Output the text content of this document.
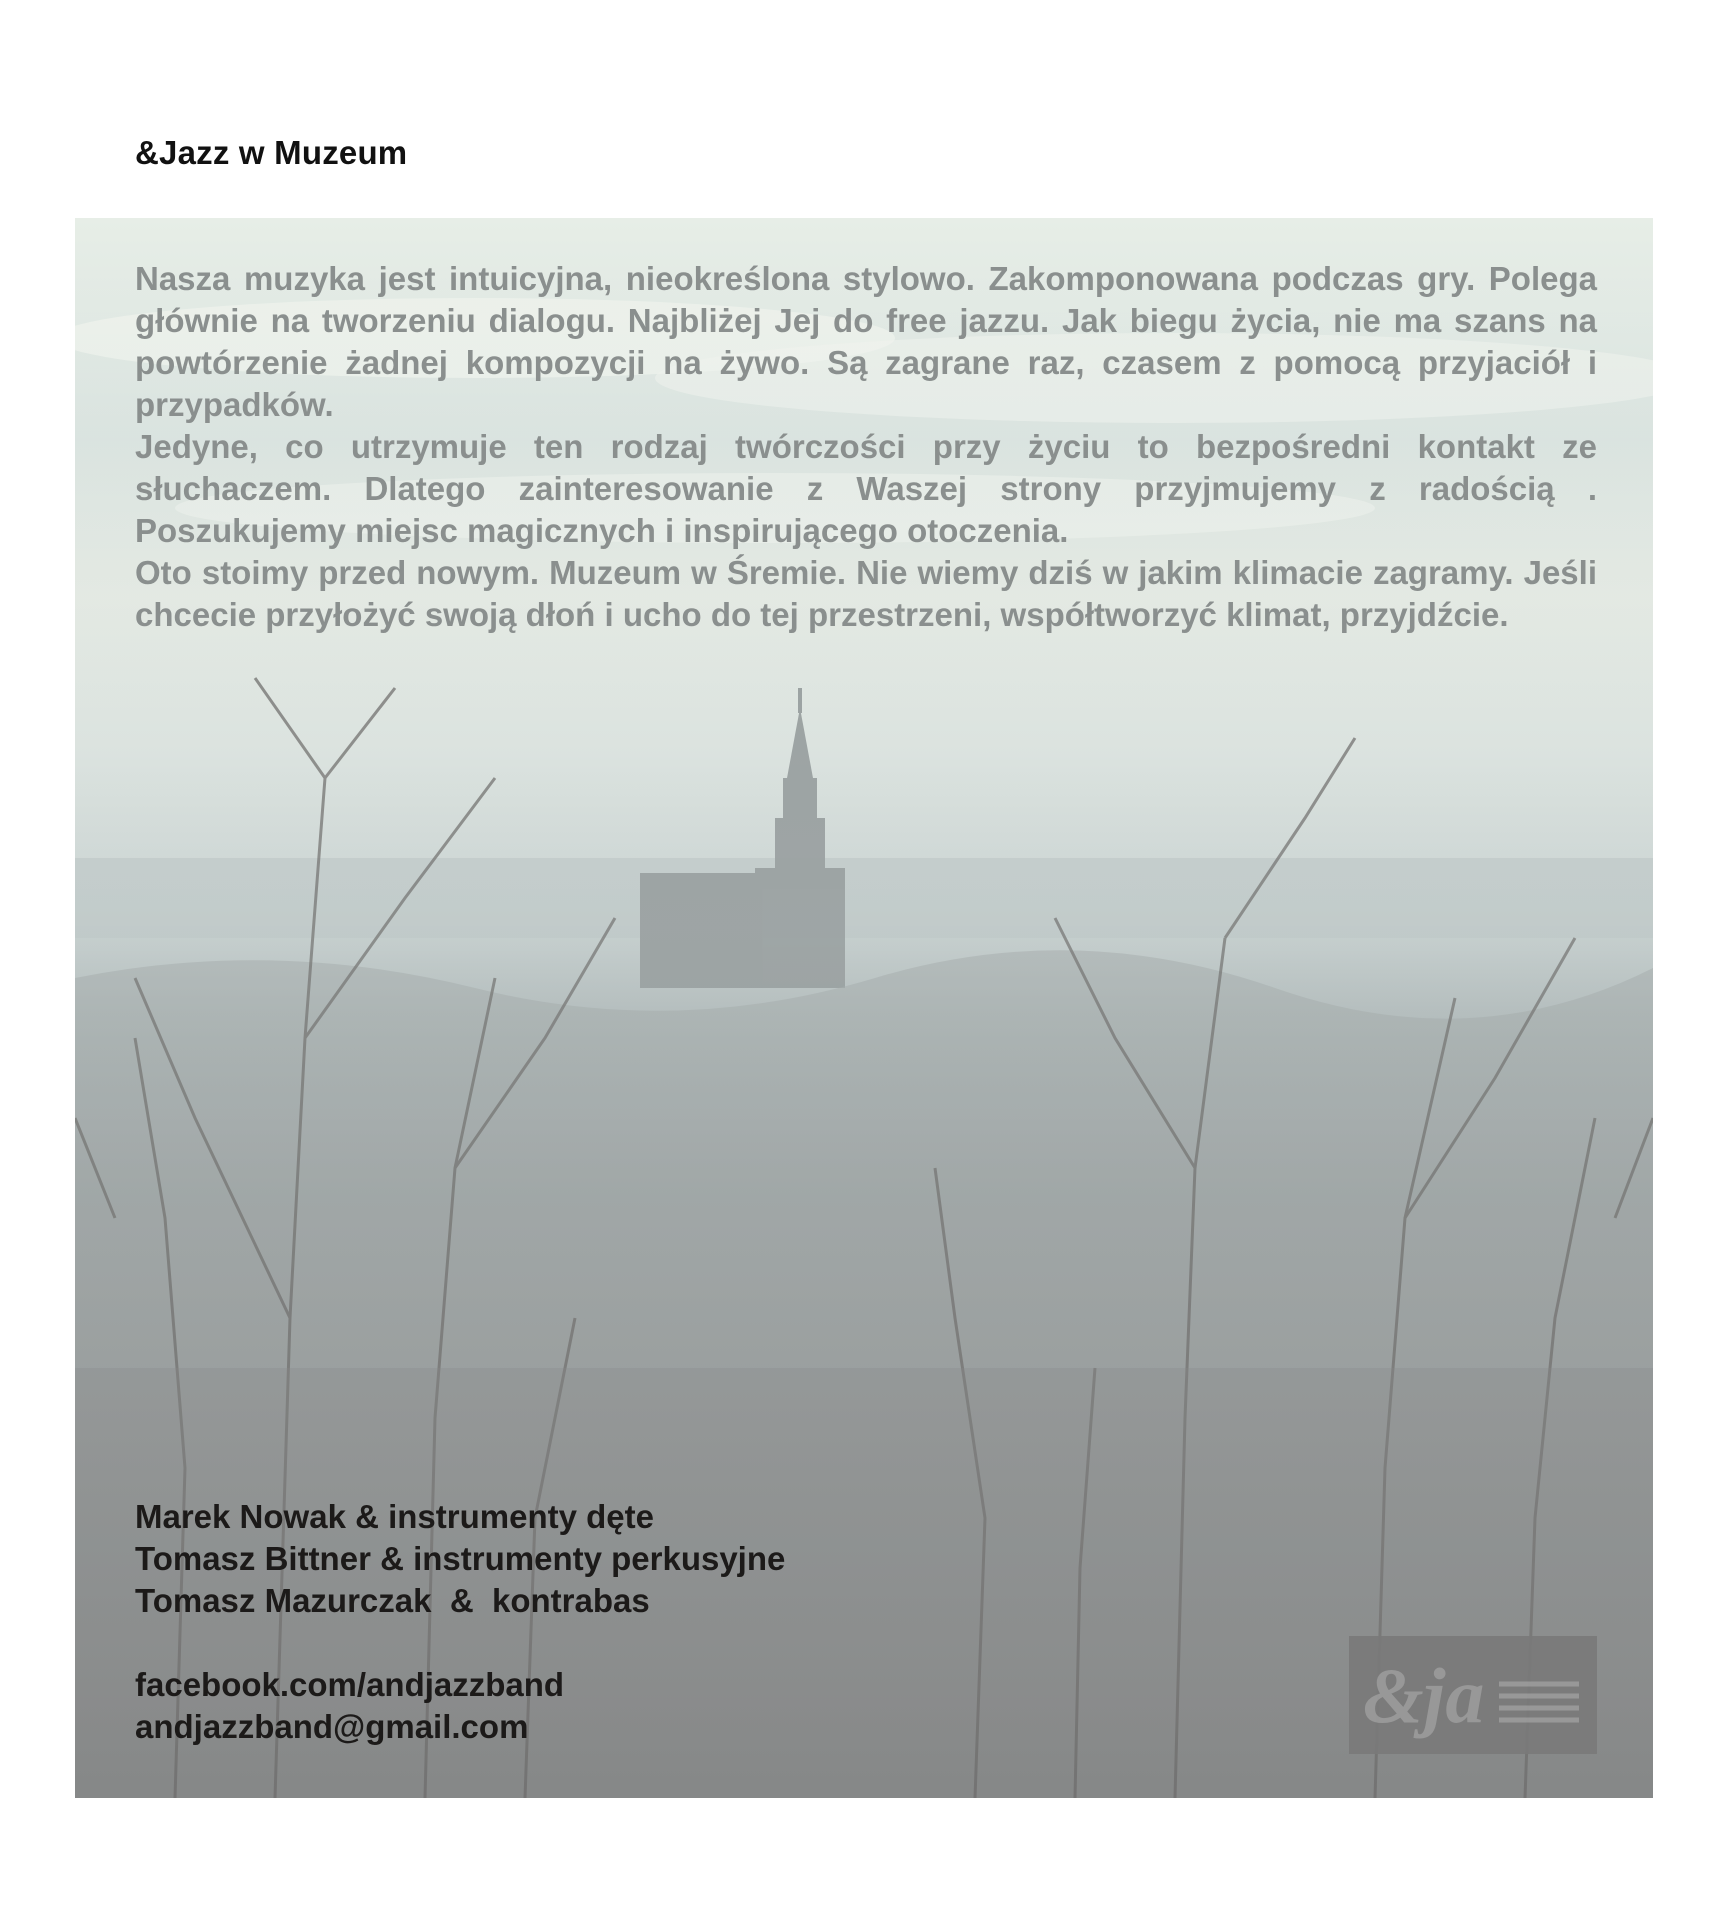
&Jazz w Muzeum

Nasza muzyka jest intuicyjna, nieokreślona stylowo. Zakomponowana podczas gry. Polega głównie na tworzeniu dialogu. Najbliżej Jej do free jazzu. Jak biegu życia, nie ma szans na powtórzenie żadnej kompozycji na żywo. Są zagrane raz, czasem z pomocą przyjaciół i przypadków.

Jedyne, co utrzymuje ten rodzaj twórczości przy życiu to bezpośredni kontakt ze słuchaczem. Dlatego zainteresowanie z Waszej strony przyjmujemy z radością . Poszukujemy miejsc magicznych i inspirującego otoczenia.

Oto stoimy przed nowym. Muzeum w Śremie. Nie wiemy dziś w jakim klimacie zagramy. Jeśli chcecie przyłożyć swoją dłoń i ucho do tej przestrzeni, współtworzyć klimat, przyjdźcie.

Marek Nowak & instrumenty dęte
Tomasz Bittner & instrumenty perkusyjne
Tomasz Mazurczak  &  kontrabas
facebook.com/andjazzband
andjazzband@gmail.com	&ja
